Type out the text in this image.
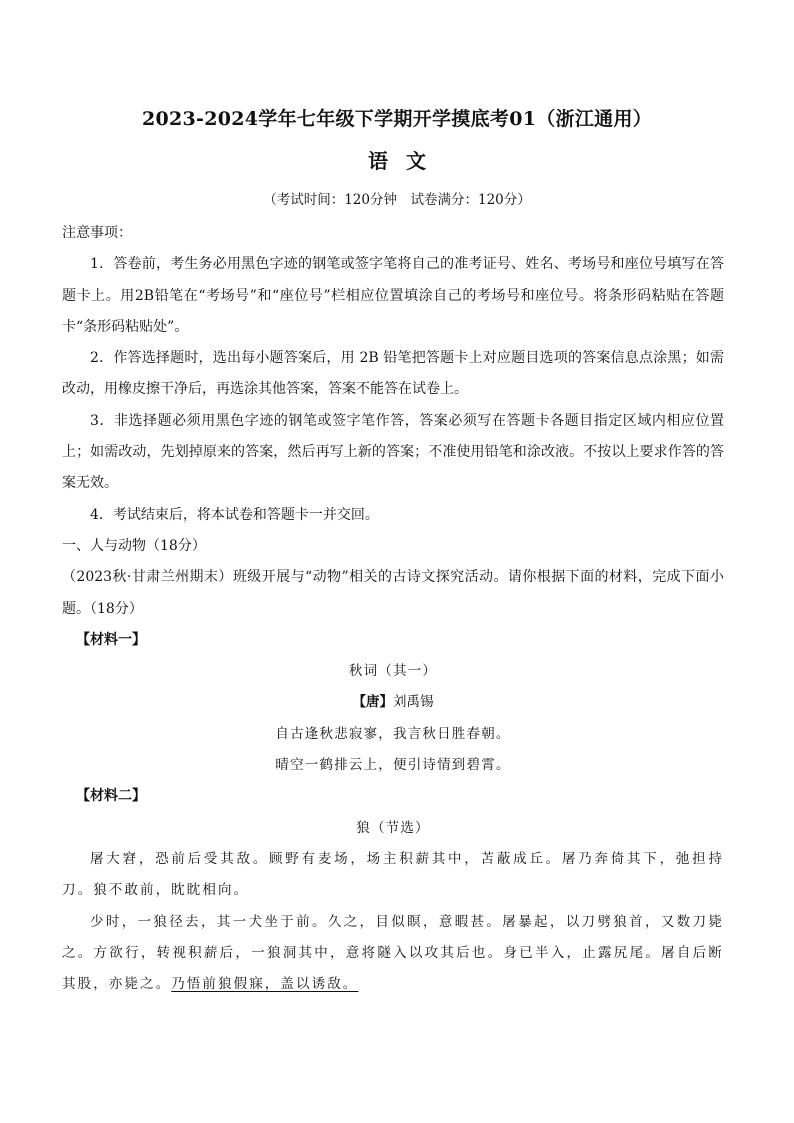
2023-2024学年七年级下学期开学摸底考01（浙江通用）
语文
（考试时间：120分钟　试卷满分：120分）

注意事项：

1．答卷前，考生务必用黑色字迹的钢笔或签字笔将自己的准考证号、姓名、考场号和座位号填写在答题卡上。用2B铅笔在“考场号”和“座位号”栏相应位置填涂自己的考场号和座位号。将条形码粘贴在答题卡“条形码粘贴处”。

2．作答选择题时，选出每小题答案后，用 2B 铅笔把答题卡上对应题目选项的答案信息点涂黑；如需改动，用橡皮擦干净后，再选涂其他答案，答案不能答在试卷上。

3．非选择题必须用黑色字迹的钢笔或签字笔作答，答案必须写在答题卡各题目指定区域内相应位置上；如需改动，先划掉原来的答案，然后再写上新的答案；不准使用铅笔和涂改液。不按以上要求作答的答案无效。

4．考试结束后，将本试卷和答题卡一并交回。

一、人与动物（18分）

（2023秋·甘肃兰州期末）班级开展与“动物”相关的古诗文探究活动。请你根据下面的材料，完成下面小题。（18分）

【材料一】

秋词（其一）

【唐】刘禹锡

自古逢秋悲寂寥，我言秋日胜春朝。

晴空一鹤排云上，便引诗情到碧霄。

【材料二】

狼（节选）

屠大窘，恐前后受其敌。顾野有麦场，场主积薪其中，苫蔽成丘。屠乃奔倚其下，弛担持刀。狼不敢前，眈眈相向。

少时，一狼径去，其一犬坐于前。久之，目似瞑，意暇甚。屠暴起，以刀劈狼首，又数刀毙之。方欲行，转视积薪后，一狼洞其中，意将隧入以攻其后也。身已半入，止露尻尾。屠自后断其股，亦毙之。乃悟前狼假寐，盖以诱敌。
